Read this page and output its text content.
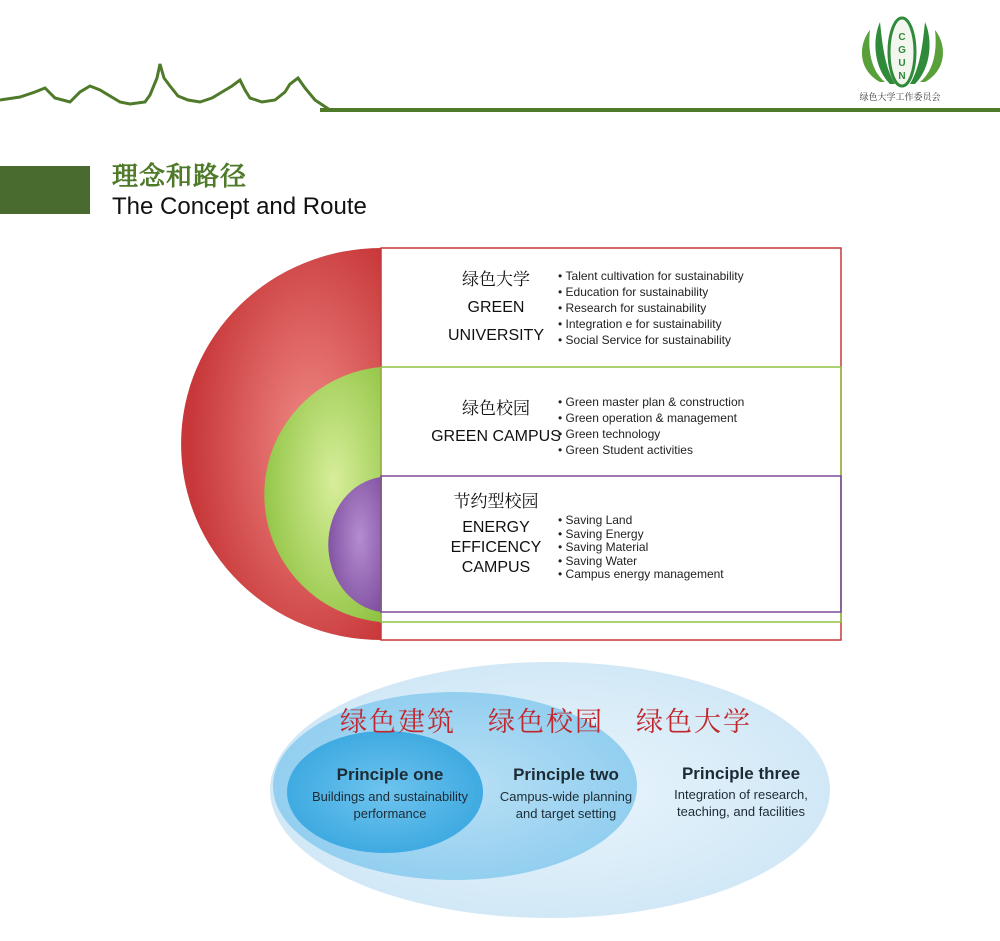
C
G
U
N
绿色大学工作委员会
理念和路径
The Concept and Route
绿色大学
GREEN
UNIVERSITY
• Talent cultivation for sustainability
• Education for sustainability
• Research for sustainability
• Integration e for sustainability
• Social Service for sustainability
绿色校园
GREEN CAMPUS
• Green master plan & construction
• Green operation & management
• Green technology
• Green Student activities
节约型校园
ENERGY
EFFICENCY
CAMPUS
• Saving Land
• Saving Energy
• Saving Material
• Saving Water
• Campus energy management
绿色建筑 绿色校园 绿色大学
Principle one
Buildings and sustainability
performance
Principle two
Campus-wide planning
and target setting
Principle three
Integration of research,
teaching, and facilities
